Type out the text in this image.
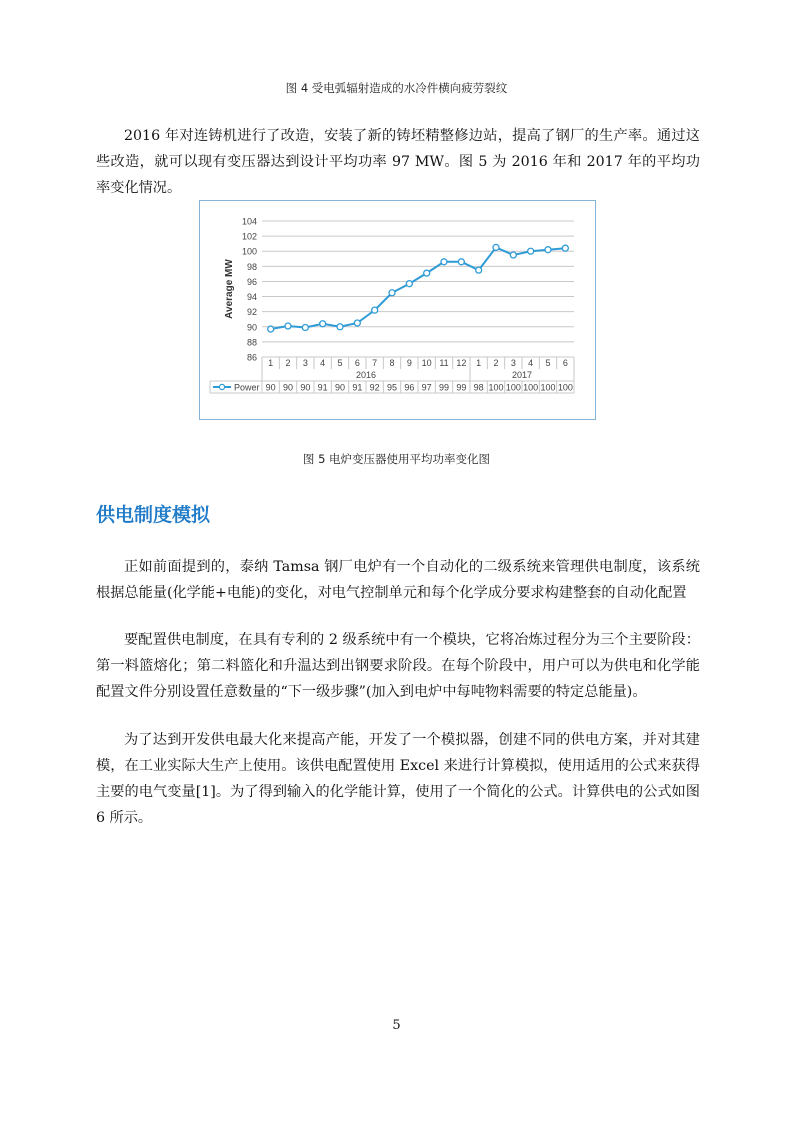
图 4 受电弧辐射造成的水冷件横向疲劳裂纹

2016 年对连铸机进行了改造，安装了新的铸坯精整修边站，提高了钢厂的生产率。通过这些改造，就可以现有变压器达到设计平均功率 97 MW。图 5 为 2016 年和 2017 年的平均功率变化情况。

86
88
90
92
94
96
98
100
102
104
Average MW
2016	2017
1 2 3 4 5 6 7 8 9 10 11 12 1 2 3 4 5 6
Power 90 90 90 91 90 91 92 95 96 97 99 99 98 100 100 100 100 100
图 5 电炉变压器使用平均功率变化图
供电制度模拟

正如前面提到的，泰纳 Tamsa 钢厂电炉有一个自动化的二级系统来管理供电制度，该系统根据总能量(化学能+电能)的变化，对电气控制单元和每个化学成分要求构建整套的自动化配置

要配置供电制度，在具有专利的 2 级系统中有一个模块，它将冶炼过程分为三个主要阶段：第一料篮熔化；第二料篮化和升温达到出钢要求阶段。在每个阶段中，用户可以为供电和化学能配置文件分别设置任意数量的“下一级步骤”(加入到电炉中每吨物料需要的特定总能量)。

为了达到开发供电最大化来提高产能，开发了一个模拟器，创建不同的供电方案，并对其建模，在工业实际大生产上使用。该供电配置使用 Excel 来进行计算模拟，使用适用的公式来获得主要的电气变量[1]。为了得到输入的化学能计算，使用了一个简化的公式。计算供电的公式如图 6 所示。

5
